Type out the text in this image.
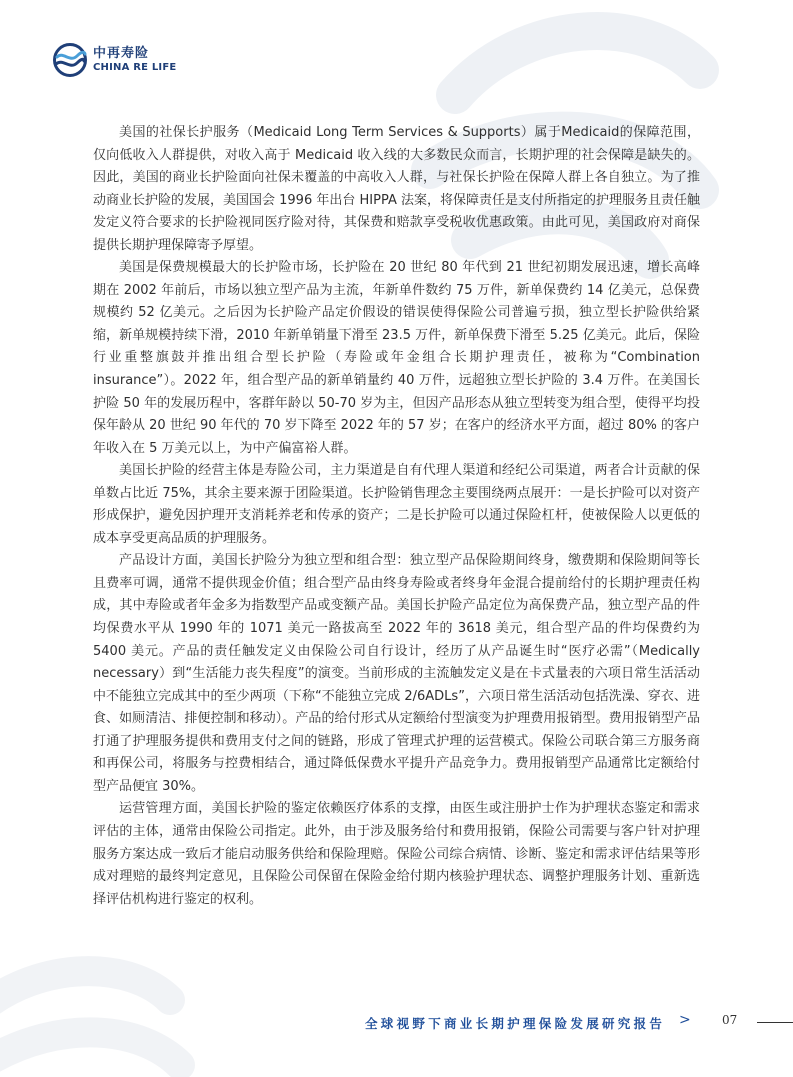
中再寿险
CHINA RE LIFE

美国的社保长护服务（Medicaid Long Term Services & Supports）属于Medicaid的保障范围，仅向低收入人群提供，对收入高于 Medicaid 收入线的大多数民众而言，长期护理的社会保障是缺失的。因此，美国的商业长护险面向社保未覆盖的中高收入人群，与社保长护险在保障人群上各自独立。为了推动商业长护险的发展，美国国会 1996 年出台 HIPPA 法案，将保障责任是支付所指定的护理服务且责任触发定义符合要求的长护险视同医疗险对待，其保费和赔款享受税收优惠政策。由此可见，美国政府对商保提供长期护理保障寄予厚望。

美国是保费规模最大的长护险市场，长护险在 20 世纪 80 年代到 21 世纪初期发展迅速，增长高峰期在 2002 年前后，市场以独立型产品为主流，年新单件数约 75 万件，新单保费约 14 亿美元，总保费规模约 52 亿美元。之后因为长护险产品定价假设的错误使得保险公司普遍亏损，独立型长护险供给紧缩，新单规模持续下滑，2010 年新单销量下滑至 23.5 万件，新单保费下滑至 5.25 亿美元。此后，保险行业重整旗鼓并推出组合型长护险（寿险或年金组合长期护理责任，被称为“Combination insurance”）。2022 年，组合型产品的新单销量约 40 万件，远超独立型长护险的 3.4 万件。在美国长护险 50 年的发展历程中，客群年龄以 50-70 岁为主，但因产品形态从独立型转变为组合型，使得平均投保年龄从 20 世纪 90 年代的 70 岁下降至 2022 年的 57 岁；在客户的经济水平方面，超过 80% 的客户年收入在 5 万美元以上，为中产偏富裕人群。

美国长护险的经营主体是寿险公司，主力渠道是自有代理人渠道和经纪公司渠道，两者合计贡献的保单数占比近 75%，其余主要来源于团险渠道。长护险销售理念主要围绕两点展开：一是长护险可以对资产形成保护，避免因护理开支消耗养老和传承的资产；二是长护险可以通过保险杠杆，使被保险人以更低的成本享受更高品质的护理服务。

产品设计方面，美国长护险分为独立型和组合型：独立型产品保险期间终身，缴费期和保险期间等长且费率可调，通常不提供现金价值；组合型产品由终身寿险或者终身年金混合提前给付的长期护理责任构成，其中寿险或者年金多为指数型产品或变额产品。美国长护险产品定位为高保费产品，独立型产品的件均保费水平从 1990 年的 1071 美元一路拔高至 2022 年的 3618 美元，组合型产品的件均保费约为 5400 美元。产品的责任触发定义由保险公司自行设计，经历了从产品诞生时“医疗必需”（Medically necessary）到“生活能力丧失程度”的演变。当前形成的主流触发定义是在卡式量表的六项日常生活活动中不能独立完成其中的至少两项（下称“不能独立完成 2/6ADLs”，六项日常生活活动包括洗澡、穿衣、进食、如厕清洁、排便控制和移动）。产品的给付形式从定额给付型演变为护理费用报销型。费用报销型产品打通了护理服务提供和费用支付之间的链路，形成了管理式护理的运营模式。保险公司联合第三方服务商和再保公司，将服务与控费相结合，通过降低保费水平提升产品竞争力。费用报销型产品通常比定额给付型产品便宜 30%。

运营管理方面，美国长护险的鉴定依赖医疗体系的支撑，由医生或注册护士作为护理状态鉴定和需求评估的主体，通常由保险公司指定。此外，由于涉及服务给付和费用报销，保险公司需要与客户针对护理服务方案达成一致后才能启动服务供给和保险理赔。保险公司综合病情、诊断、鉴定和需求评估结果等形成对理赔的最终判定意见，且保险公司保留在保险金给付期内核验护理状态、调整护理服务计划、重新选择评估机构进行鉴定的权利。

全球视野下商业长期护理保险发展研究报告 >	07
